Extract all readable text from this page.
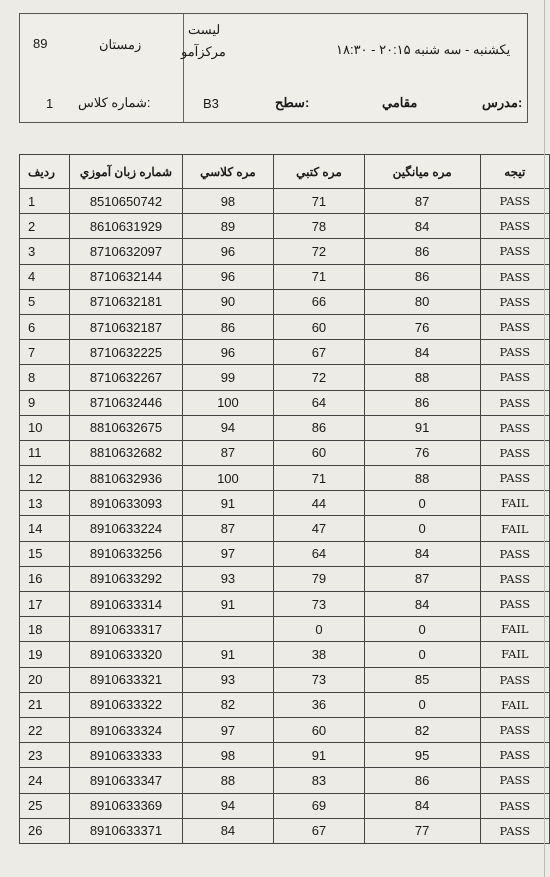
89	زمستان
ليست
مرکزآمو	يکشنبه - سه شنبه ۲۰:۱۵ - ۱۸:۳۰
1 شماره کلاس:	B3	سطح:	مقامي	مدرس:
رديف	شماره زبان آموزي	مره کلاسي	مره کتبي	مره ميانگين	تيجه
1	8510650742	98	71	87	PASS
2	8610631929	89	78	84	PASS
3	8710632097	96	72	86	PASS
4	8710632144	96	71	86	PASS
5	8710632181	90	66	80	PASS
6	8710632187	86	60	76	PASS
7	8710632225	96	67	84	PASS
8	8710632267	99	72	88	PASS
9	8710632446	100	64	86	PASS
10	8810632675	94	86	91	PASS
11	8810632682	87	60	76	PASS
12	8810632936	100	71	88	PASS
13	8910633093	91	44	0	FAIL
14	8910633224	87	47	0	FAIL
15	8910633256	97	64	84	PASS
16	8910633292	93	79	87	PASS
17	8910633314	91	73	84	PASS
18	8910633317		0	0	FAIL
19	8910633320	91	38	0	FAIL
20	8910633321	93	73	85	PASS
21	8910633322	82	36	0	FAIL
22	8910633324	97	60	82	PASS
23	8910633333	98	91	95	PASS
24	8910633347	88	83	86	PASS
25	8910633369	94	69	84	PASS
26	8910633371	84	67	77	PASS
